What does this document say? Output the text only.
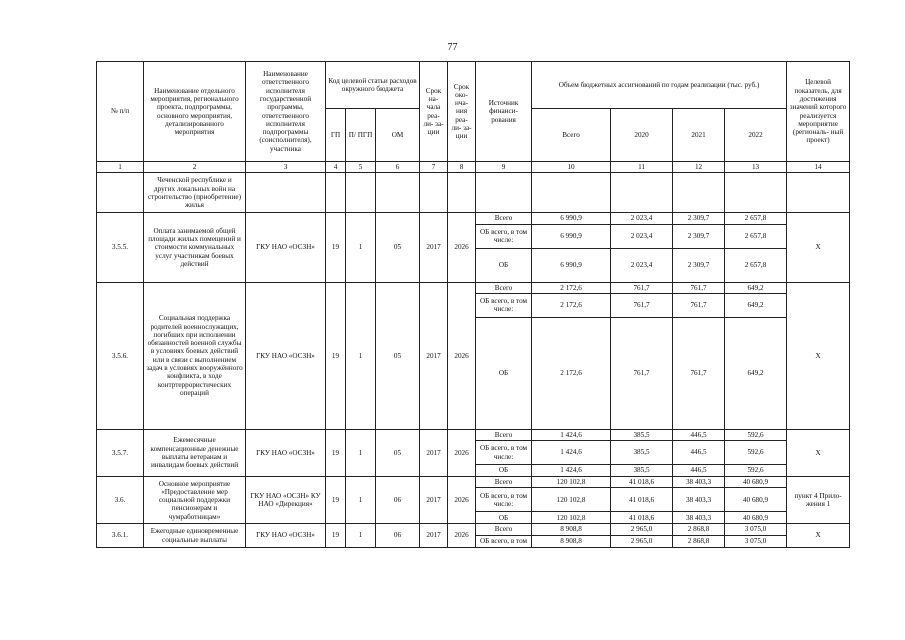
77
№ п/п	Наименование отдельного мероприятия, регионального проекта, подпрограммы, основного мероприятия, детализированного мероприятия	Наименование ответственного исполнителя государственной программы, ответственного исполнителя подпрограммы (соисполнителя), участника	Код целевой статьи расходов окружного бюджета			Срок на- чала реа- ли- за- ции	Срок око- нча- ния реа- ли- за- ции	Источник финанси- рования	Объем бюджетных ассигнований по годам реализации (тыс. руб.)				Целевой показатель, для достижения значений которого реализуется мероприятие (региональ- ный проект)
			ГП	П/ ПГП	ОМ				Всего	2020	2021	2022	
1	2	3	4	5	6	7	8	9	10	11	12	13	14
	Чеченской республике и других локальных войн на строительство (приобретение) жилья												
3.5.5.	Оплата занимаемой общей площади жилых помещений и стоимости коммунальных услуг участникам боевых действий	ГКУ НАО «ОСЗН»	19	1	05	2017	2026	Всего	6 990,9	2 023,4	2 309,7	2 657,8	Х
								ОБ всего, в том числе:	6 990,9	2 023,4	2 309,7	2 657,8	
								ОБ	6 990,9	2 023,4	2 309,7	2 657,8	
3.5.6.	Социальная поддержка родителей военнослужащих, погибших при исполнении обязанностей военной службы в условиях боевых действий или в связи с выполнением задач в условиях вооружённого конфликта, в ходе контртеррористических операций	ГКУ НАО «ОСЗН»	19	1	05	2017	2026	Всего	2 172,6	761,7	761,7	649,2	Х
								ОБ всего, в том числе:	2 172,6	761,7	761,7	649,2	
								ОБ	2 172,6	761,7	761,7	649,2	
3.5.7.	Ежемесячные компенсационные денежные выплаты ветеранам и инвалидам боевых действий	ГКУ НАО «ОСЗН»	19	1	05	2017	2026	Всего	1 424,6	385,5	446,5	592,6	Х
								ОБ всего, в том числе:	1 424,6	385,5	446,5	592,6	
								ОБ	1 424,6	385,5	446,5	592,6	
3.6.	Основное мероприятие «Предоставление мер социальной поддержки пенсионерам и чумработницам»	ГКУ НАО «ОСЗН» КУ НАО «Дирекция»	19	1	06	2017	2026	Всего	120 102,8	41 018,6	38 403,3	40 680,9	пункт 4 Прило- жения 1
								ОБ всего, в том числе:	120 102,8	41 018,6	38 403,3	40 680,9	
								ОБ	120 102,8	41 018,6	38 403,3	40 680,9	
3.6.1.	Ежегодные единовременные социальные выплаты	ГКУ НАО «ОСЗН»	19	1	06	2017	2026	Всего	8 908,8	2 965,0	2 868,8	3 075,0	Х
								ОБ всего, в том	8 908,8	2 965,0	2 868,8	3 075,0	
